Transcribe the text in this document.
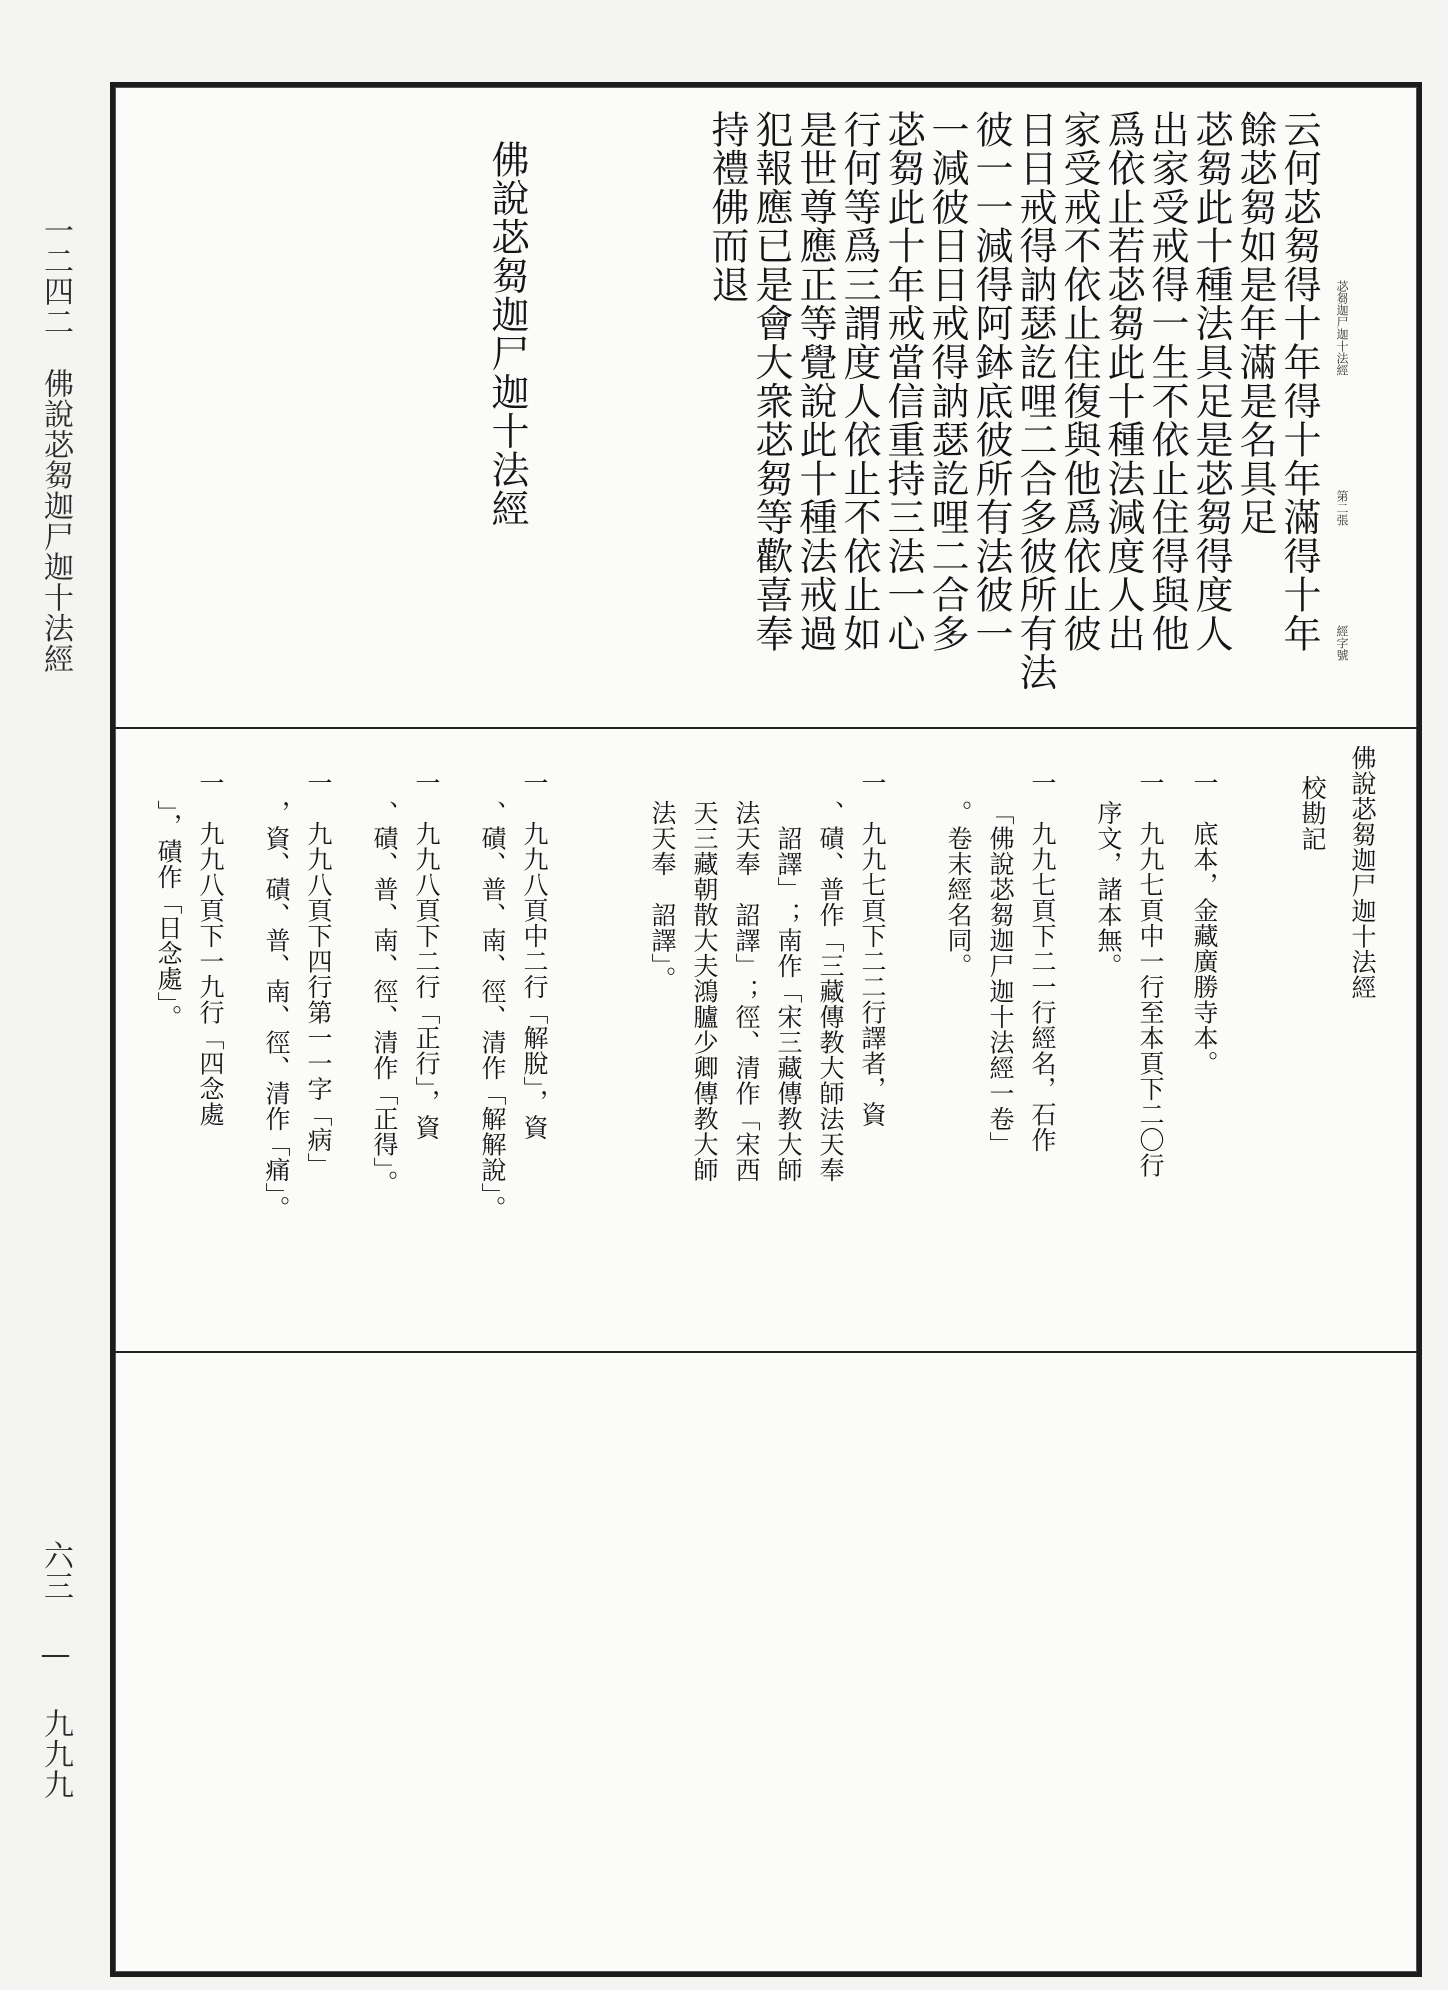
一二四二　佛說苾芻迦尸迦十法經
六三 — 九九九
云何苾芻得十年得十年滿得十年
餘苾芻如是年滿是名具足
苾芻此十種法具足是苾芻得度人
出家受戒得一生不依止住得與他
爲依止若苾芻此十種法減度人出
家受戒不依止住復與他爲依止彼
日日戒得訥瑟訖哩二合多彼所有法
彼一一減得阿鉢底彼所有法彼一
一減彼日日戒得訥瑟訖哩二合多
苾芻此十年戒當信重持三法一心
行何等爲三謂度人依止不依止如
是世尊應正等覺說此十種法戒過
犯報應已是會大衆苾芻等歡喜奉
持禮佛而退
佛說苾芻迦尸迦十法經	苾芻迦尸迦十法經
第二張
經字號
佛說苾芻迦尸迦十法經
校勘記
一　底本，金藏廣勝寺本。
一　九九七頁中一行至本頁下二〇行
序文，諸本無。
一　九九七頁下二一行經名，石作
「佛說苾芻迦尸迦十法經一卷」
。卷末經名同。
一　九九七頁下二二行譯者，資
、磧、普作「三藏傳教大師法天奉
　詔譯」；南作「宋三藏傳教大師
法天奉　詔譯」；徑、清作「宋西
天三藏朝散大夫鴻臚少卿傳教大師
法天奉　詔譯」。
一　九九八頁中二行「解脫」，資
、磧、普、南、徑、清作「解解說」。
一　九九八頁下二行「正行」，資
、磧、普、南、徑、清作「正得」。
一　九九八頁下四行第一一字「病」
，資、磧、普、南、徑、清作「痛」。
一　九九八頁下一九行「四念處
」，磧作「日念處」。
